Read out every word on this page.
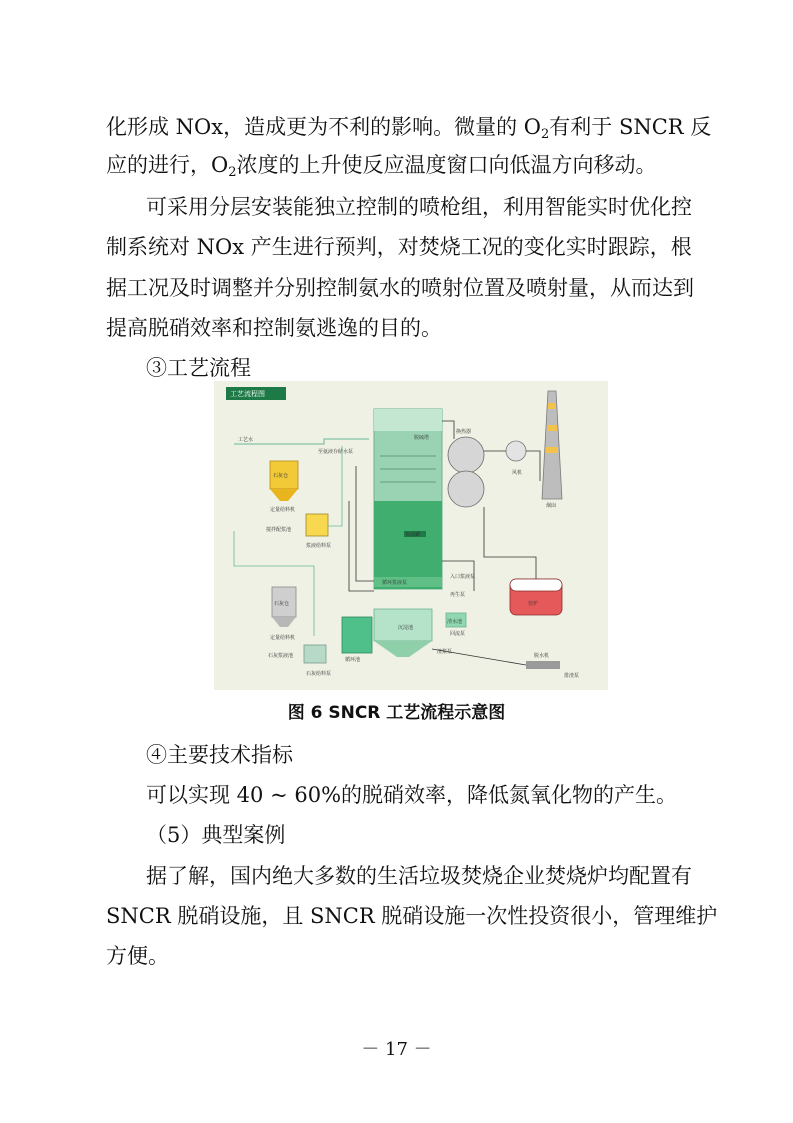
化形成 NOx，造成更为不利的影响。微量的 $O_2$有利于 SNCR 反
应的进行，$O_2$浓度的上升使反应温度窗口向低温方向移动。
可采用分层安装能独立控制的喷枪组，利用智能实时优化控
制系统对 NOx 产生进行预判，对焚烧工况的变化实时跟踪，根
据工况及时调整并分别控制氨水的喷射位置及喷射量，从而达到
提高脱硝效率和控制氨逃逸的目的。
③工艺流程
工艺流程图
工艺水
至氨液存储水泵
脱硫塔
浆液罐
循环浆液泵
入口浆液泵
再生泵
石灰仓
定量给料机
搅拌配浆池
浆液给料泵
石灰仓
定量给料机
石灰浆液池
石灰给料泵
循环池
沉淀池
清水池
回流泵
渣浆泵
脱水机
排渣泵
换热器
风机
烟囱
窑炉
图 6 SNCR 工艺流程示意图
④主要技术指标
可以实现 40 ~ 60%的脱硝效率，降低氮氧化物的产生。
（5）典型案例
据了解，国内绝大多数的生活垃圾焚烧企业焚烧炉均配置有
SNCR 脱硝设施，且 SNCR 脱硝设施一次性投资很小，管理维护
方便。
－ 17 －
